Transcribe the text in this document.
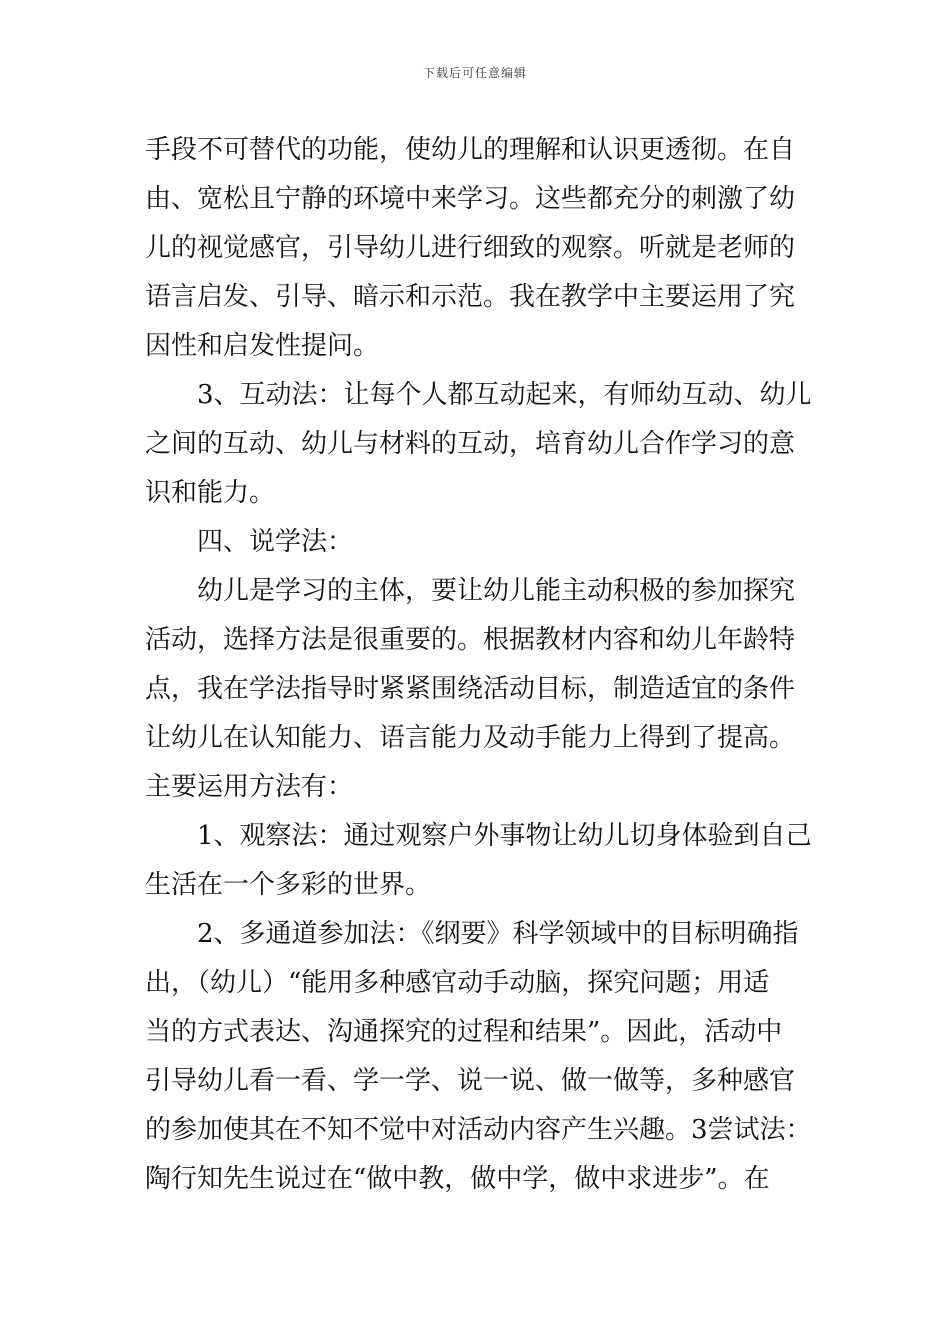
下载后可任意编辑
手段不可替代的功能，使幼儿的理解和认识更透彻。在自
由、宽松且宁静的环境中来学习。这些都充分的刺激了幼
儿的视觉感官，引导幼儿进行细致的观察。听就是老师的
语言启发、引导、暗示和示范。我在教学中主要运用了究
因性和启发性提问。
3、互动法：让每个人都互动起来，有师幼互动、幼儿
之间的互动、幼儿与材料的互动，培育幼儿合作学习的意
识和能力。
四、说学法：
幼儿是学习的主体，要让幼儿能主动积极的参加探究
活动，选择方法是很重要的。根据教材内容和幼儿年龄特
点，我在学法指导时紧紧围绕活动目标，制造适宜的条件
让幼儿在认知能力、语言能力及动手能力上得到了提高。
主要运用方法有：
1、观察法：通过观察户外事物让幼儿切身体验到自己
生活在一个多彩的世界。
2、多通道参加法：《纲要》科学领域中的目标明确指
出，（幼儿）“能用多种感官动手动脑，探究问题；用适
当的方式表达、沟通探究的过程和结果”。因此，活动中
引导幼儿看一看、学一学、说一说、做一做等，多种感官
的参加使其在不知不觉中对活动内容产生兴趣。3尝试法：
陶行知先生说过在“做中教，做中学，做中求进步”。在
